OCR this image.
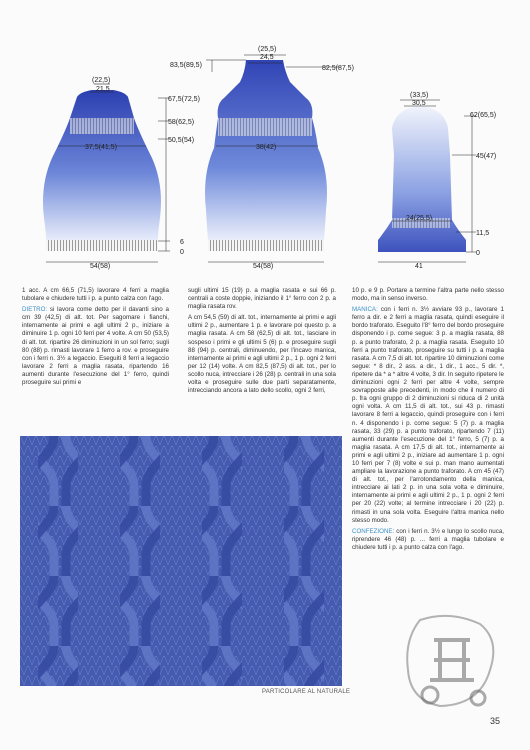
(22,5)
21,5
67,5(72,5)
58(62,5)
50,5(54)
6
0
37,5(41,5)
54(58)
(25,5)
24,5
83,5(89,5)	82,5(87,5)
38(42)
54(58)
(33,5)
30,5
62(65,5)
45(47)
24(25,5)
11,5
0
41

1 acc. A cm 66,5 (71,5) lavorare 4 ferri a maglia tubolare e chiudere tutti i p. a punto calza con l'ago.

DIETRO: si lavora come detto per il davanti sino a cm 39 (42,5) di alt. tot. Per sagomare i fianchi, internamente ai primi e agli ultimi 2 p., iniziare a diminuire 1 p. ogni 10 ferri per 4 volte. A cm 50 (53,5) di alt. tot. ripartire 26 diminuzioni in un sol ferro; sugli 80 (88) p. rimasti lavorare 1 ferro a rov. e proseguire con i ferri n. 3½ a legaccio. Eseguiti 8 ferri a legaccio lavorare 2 ferri a maglia rasata, ripartendo 16 aumenti durante l'esecuzione del 1° ferro, quindi proseguire sui primi e

sugli ultimi 15 (19) p. a maglia rasata e sui 66 p. centrali a coste doppie, iniziando il 1° ferro con 2 p. a maglia rasata rov.

A cm 54,5 (59) di alt. tot., internamente ai primi e agli ultimi 2 p., aumentare 1 p. e lavorare poi questo p. a maglia rasata. A cm 58 (62,5) di alt. tot., lasciare in sospeso i primi e gli ultimi 5 (6) p. e proseguire sugli 88 (94) p. centrali, diminuendo, per l'incavo manica, internamente ai primi e agli ultimi 2 p., 1 p. ogni 2 ferri per 12 (14) volte. A cm 82,5 (87,5) di alt. tot., per lo scollo nuca, intrecciare i 26 (28) p. centrali in una sola volta e proseguire sulle due parti separatamente, intrecciando ancora a lato dello scollo, ogni 2 ferri,

10 p. e 9 p. Portare a termine l'altra parte nello stesso modo, ma in senso inverso.

MANICA: con i ferri n. 3½ avviare 93 p., lavorare 1 ferro a dir. e 2 ferri a maglia rasata, quindi eseguire il bordo traforato. Eseguito l'8° ferro del bordo proseguire disponendo i p. come segue: 3 p. a maglia rasata, 88 p. a punto traforato, 2 p. a maglia rasata. Eseguito 10 ferri a punto traforato, proseguire su tutti i p. a maglia rasata. A cm 7,5 di alt. tot. ripartire 10 diminuzioni come segue: * 8 dir., 2 ass. a dir., 1 dir., 1 acc., 5 dir. *, ripetere da * a * altre 4 volte, 3 dir. In seguito ripetere le diminuzioni ogni 2 ferri per altre 4 volte, sempre sovrapposte alle precedenti, in modo che il numero di p. fra ogni gruppo di 2 diminuzioni si riduca di 2 unità ogni volta. A cm 11,5 di alt. tot., sui 43 p. rimasti lavorare 8 ferri a legaccio, quindi proseguire con i ferri n. 4 disponendo i p. come segue: 5 (7) p. a maglia rasata, 33 (29) p. a punto traforato, ripartendo 7 (11) aumenti durante l'esecuzione del 1° ferro, 5 (7) p. a maglia rasata. A cm 17,5 di alt. tot., internamente ai primi e agli ultimi 2 p., iniziare ad aumentare 1 p. ogni 10 ferri per 7 (8) volte e sui p. man mano aumentati ampliare la lavorazione a punto traforato. A cm 45 (47) di alt. tot., per l'arrotondamento della manica, intrecciare ai lati 2 p. in una sola volta e diminuire, internamente ai primi e agli ultimi 2 p., 1 p. ogni 2 ferri per 20 (22) volte; al termine intrecciare i 20 (22) p. rimasti in una sola volta. Eseguire l'altra manica nello stesso modo.

CONFEZIONE: con i ferri n. 3½ e lungo lo scollo nuca, riprendere 46 (48) p. ... ferri a maglia tubolare e chiudere tutti i p. a punto calza con l'ago.

PARTICOLARE AL NATURALE
35
